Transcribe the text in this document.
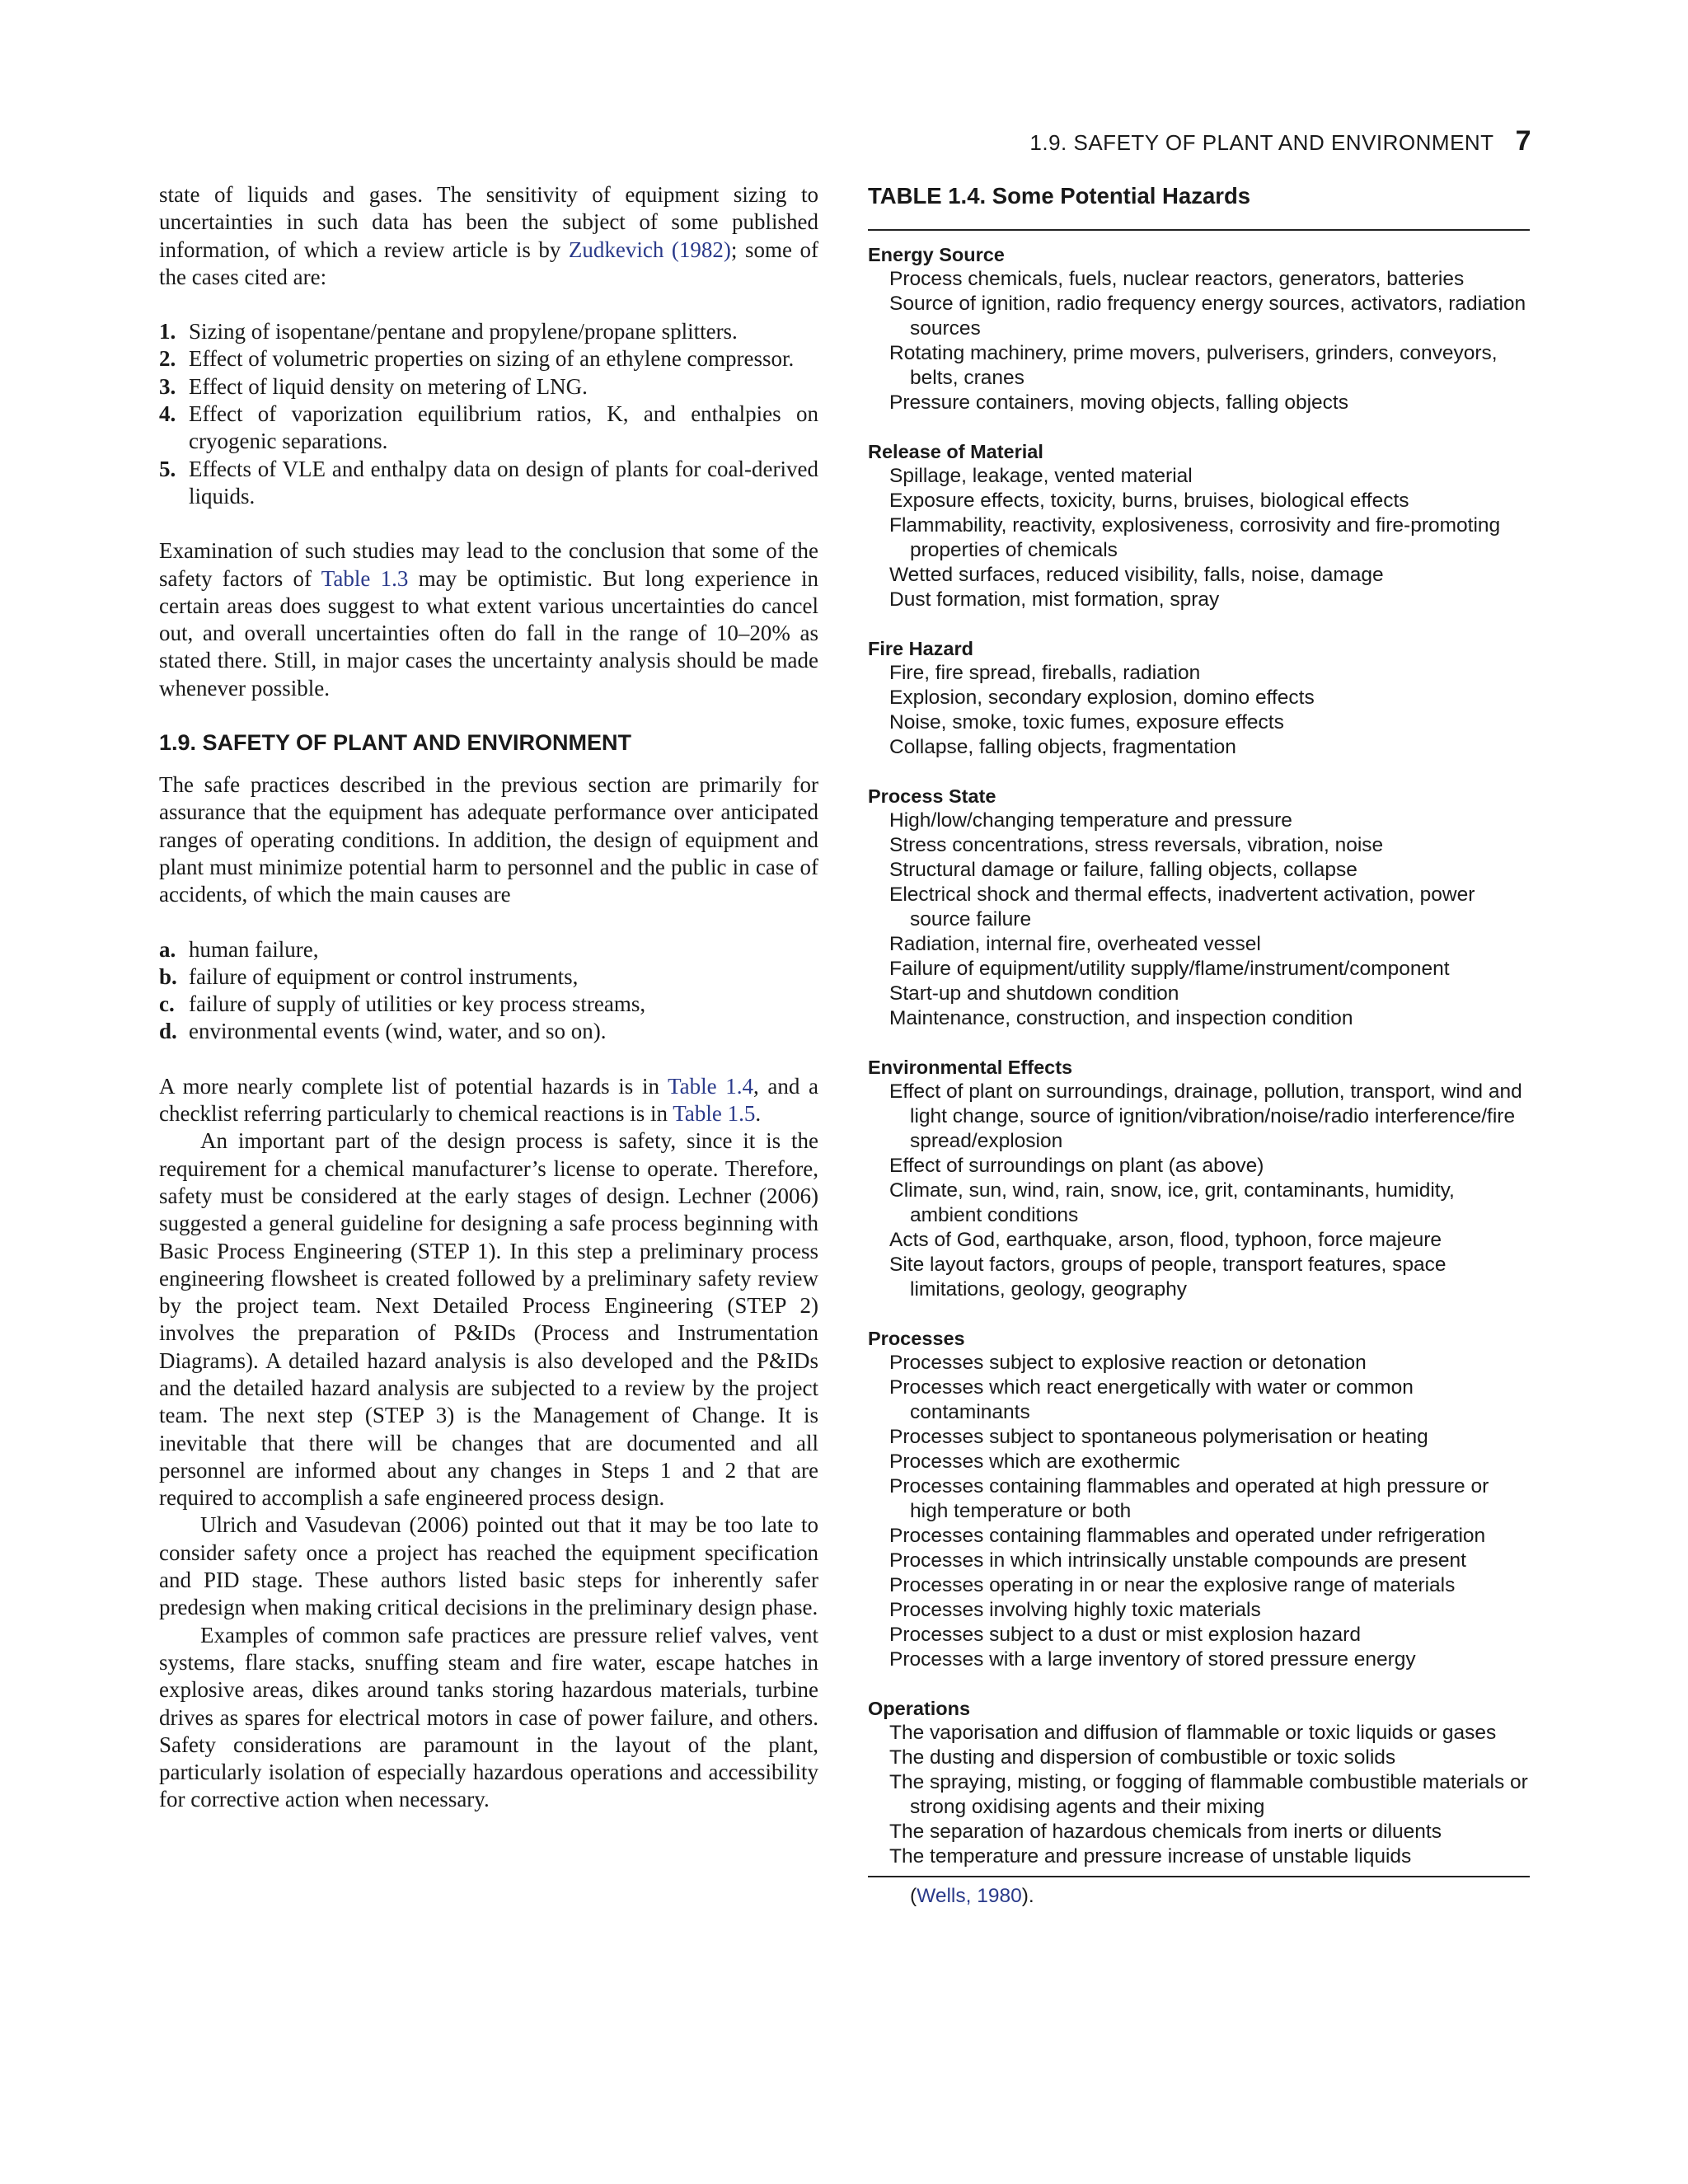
1.9. SAFETY OF PLANT AND ENVIRONMENT 7

state of liquids and gases. The sensitivity of equipment sizing to uncertainties in such data has been the subject of some published information, of which a review article is by Zudkevich (1982); some of the cases cited are:

1. Sizing of isopentane/pentane and propylene/propane splitters.
2. Effect of volumetric properties on sizing of an ethylene compressor.
3. Effect of liquid density on metering of LNG.
4. Effect of vaporization equilibrium ratios, K, and enthalpies on cryogenic separations.
5. Effects of VLE and enthalpy data on design of plants for coal-derived liquids.

Examination of such studies may lead to the conclusion that some of the safety factors of Table 1.3 may be optimistic. But long experience in certain areas does suggest to what extent various uncertainties do cancel out, and overall uncertainties often do fall in the range of 10–20% as stated there. Still, in major cases the uncertainty analysis should be made whenever possible.

1.9. SAFETY OF PLANT AND ENVIRONMENT

The safe practices described in the previous section are primarily for assurance that the equipment has adequate performance over anticipated ranges of operating conditions. In addition, the design of equipment and plant must minimize potential harm to personnel and the public in case of accidents, of which the main causes are

a. human failure,
b. failure of equipment or control instruments,
c. failure of supply of utilities or key process streams,
d. environmental events (wind, water, and so on).

A more nearly complete list of potential hazards is in Table 1.4, and a checklist referring particularly to chemical reactions is in Table 1.5.

An important part of the design process is safety, since it is the requirement for a chemical manufacturer’s license to operate. Therefore, safety must be considered at the early stages of design. Lechner (2006) suggested a general guideline for designing a safe process beginning with Basic Process Engineering (STEP 1). In this step a preliminary process engineering flowsheet is created followed by a preliminary safety review by the project team. Next Detailed Process Engineering (STEP 2) involves the preparation of P&IDs (Process and Instrumentation Diagrams). A detailed hazard analysis is also developed and the P&IDs and the detailed hazard analysis are subjected to a review by the project team. The next step (STEP 3) is the Management of Change. It is inevitable that there will be changes that are documented and all personnel are informed about any changes in Steps 1 and 2 that are required to accomplish a safe engineered process design.

Ulrich and Vasudevan (2006) pointed out that it may be too late to consider safety once a project has reached the equipment specification and PID stage. These authors listed basic steps for inherently safer predesign when making critical decisions in the preliminary design phase.

Examples of common safe practices are pressure relief valves, vent systems, flare stacks, snuffing steam and fire water, escape hatches in explosive areas, dikes around tanks storing hazardous materials, turbine drives as spares for electrical motors in case of power failure, and others. Safety considerations are paramount in the layout of the plant, particularly isolation of especially hazardous operations and accessibility for corrective action when necessary.

TABLE 1.4. Some Potential Hazards

Energy Source
Process chemicals, fuels, nuclear reactors, generators, batteries
Source of ignition, radio frequency energy sources, activators, radiation sources
Rotating machinery, prime movers, pulverisers, grinders, conveyors, belts, cranes
Pressure containers, moving objects, falling objects
Release of Material
Spillage, leakage, vented material
Exposure effects, toxicity, burns, bruises, biological effects
Flammability, reactivity, explosiveness, corrosivity and fire-promoting properties of chemicals
Wetted surfaces, reduced visibility, falls, noise, damage
Dust formation, mist formation, spray
Fire Hazard
Fire, fire spread, fireballs, radiation
Explosion, secondary explosion, domino effects
Noise, smoke, toxic fumes, exposure effects
Collapse, falling objects, fragmentation
Process State
High/low/changing temperature and pressure
Stress concentrations, stress reversals, vibration, noise
Structural damage or failure, falling objects, collapse
Electrical shock and thermal effects, inadvertent activation, power source failure
Radiation, internal fire, overheated vessel
Failure of equipment/utility supply/flame/instrument/component
Start-up and shutdown condition
Maintenance, construction, and inspection condition
Environmental Effects
Effect of plant on surroundings, drainage, pollution, transport, wind and light change, source of ignition/vibration/noise/radio interference/fire spread/explosion
Effect of surroundings on plant (as above)
Climate, sun, wind, rain, snow, ice, grit, contaminants, humidity, ambient conditions
Acts of God, earthquake, arson, flood, typhoon, force majeure
Site layout factors, groups of people, transport features, space limitations, geology, geography
Processes
Processes subject to explosive reaction or detonation
Processes which react energetically with water or common contaminants
Processes subject to spontaneous polymerisation or heating
Processes which are exothermic
Processes containing flammables and operated at high pressure or high temperature or both
Processes containing flammables and operated under refrigeration
Processes in which intrinsically unstable compounds are present
Processes operating in or near the explosive range of materials
Processes involving highly toxic materials
Processes subject to a dust or mist explosion hazard
Processes with a large inventory of stored pressure energy
Operations
The vaporisation and diffusion of flammable or toxic liquids or gases
The dusting and dispersion of combustible or toxic solids
The spraying, misting, or fogging of flammable combustible materials or strong oxidising agents and their mixing
The separation of hazardous chemicals from inerts or diluents
The temperature and pressure increase of unstable liquids
(Wells, 1980).
